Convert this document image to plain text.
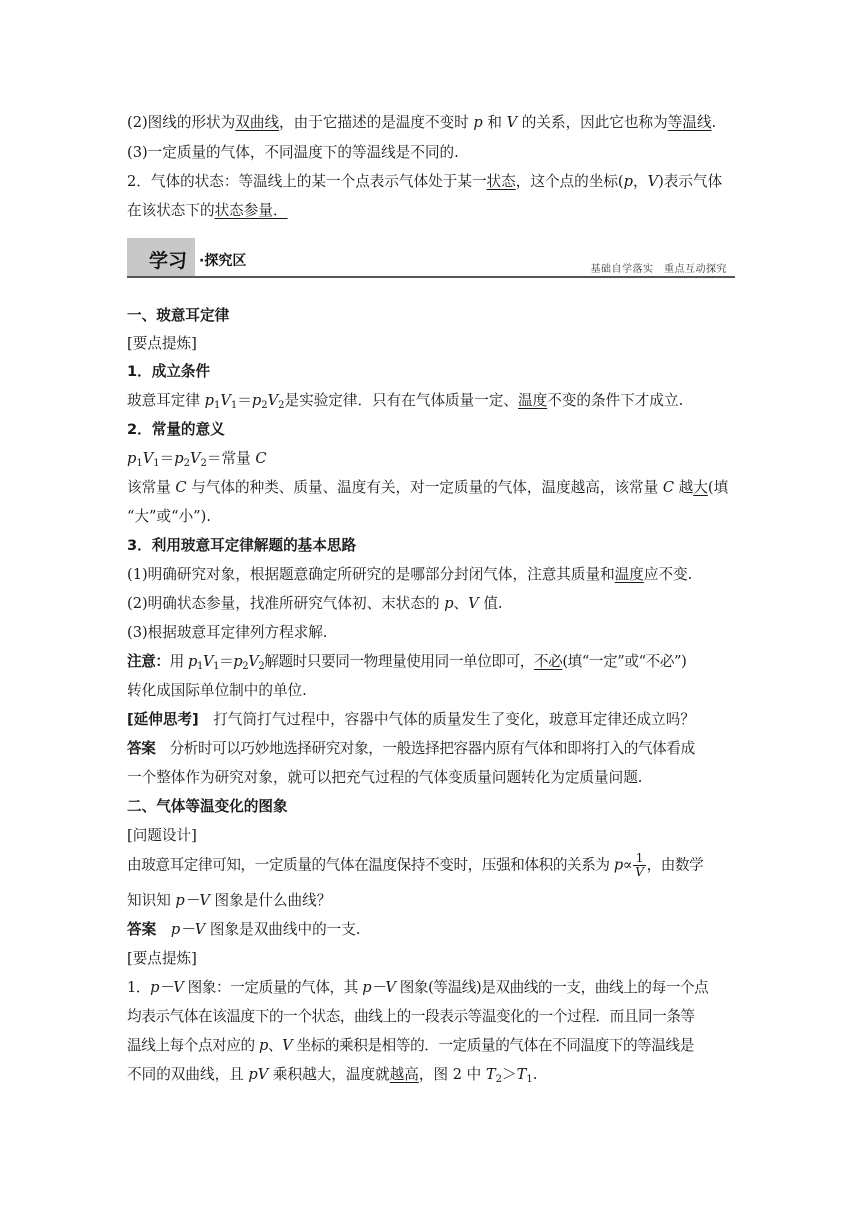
(2)图线的形状为双曲线，由于它描述的是温度不变时 p 和 V 的关系，因此它也称为等温线.
(3)一定质量的气体，不同温度下的等温线是不同的.
2．气体的状态：等温线上的某一个点表示气体处于某一状态，这个点的坐标(p，V)表示气体
在该状态下的状态参量．
学习 ·探究区
基础自学落实　重点互动探究
一、玻意耳定律
[要点提炼]
1．成立条件
玻意耳定律 $p_1V_1=p_2V_2$是实验定律．只有在气体质量一定、温度不变的条件下才成立.
2．常量的意义
$p_1V_1=p_2V_2=$常量 C
该常量 C 与气体的种类、质量、温度有关，对一定质量的气体，温度越高，该常量 C 越大(填
“大”或“小”).
3．利用玻意耳定律解题的基本思路
(1)明确研究对象，根据题意确定所研究的是哪部分封闭气体，注意其质量和温度应不变.
(2)明确状态参量，找准所研究气体初、末状态的 p、V 值.
(3)根据玻意耳定律列方程求解.
注意：用 $p_1V_1=p_2V_2$解题时只要同一物理量使用同一单位即可，不必(填“一定”或“不必”)
转化成国际单位制中的单位.
[延伸思考]　打气筒打气过程中，容器中气体的质量发生了变化，玻意耳定律还成立吗？
答案　分析时可以巧妙地选择研究对象，一般选择把容器内原有气体和即将打入的气体看成
一个整体作为研究对象，就可以把充气过程的气体变质量问题转化为定质量问题.
二、气体等温变化的图象
[问题设计]
由玻意耳定律可知，一定质量的气体在温度保持不变时，压强和体积的关系为 $p\propto \frac{1}{V}$ ，由数学
知识知 p－V 图象是什么曲线？
答案　 p－V 图象是双曲线中的一支.
[要点提炼]
1．p－V 图象：一定质量的气体，其 p－V 图象(等温线)是双曲线的一支，曲线上的每一个点
均表示气体在该温度下的一个状态，曲线上的一段表示等温变化的一个过程．而且同一条等
温线上每个点对应的 p、V 坐标的乘积是相等的．一定质量的气体在不同温度下的等温线是
不同的双曲线，且 pV 乘积越大，温度就越高，图 2 中 $T_2>T_1$.
